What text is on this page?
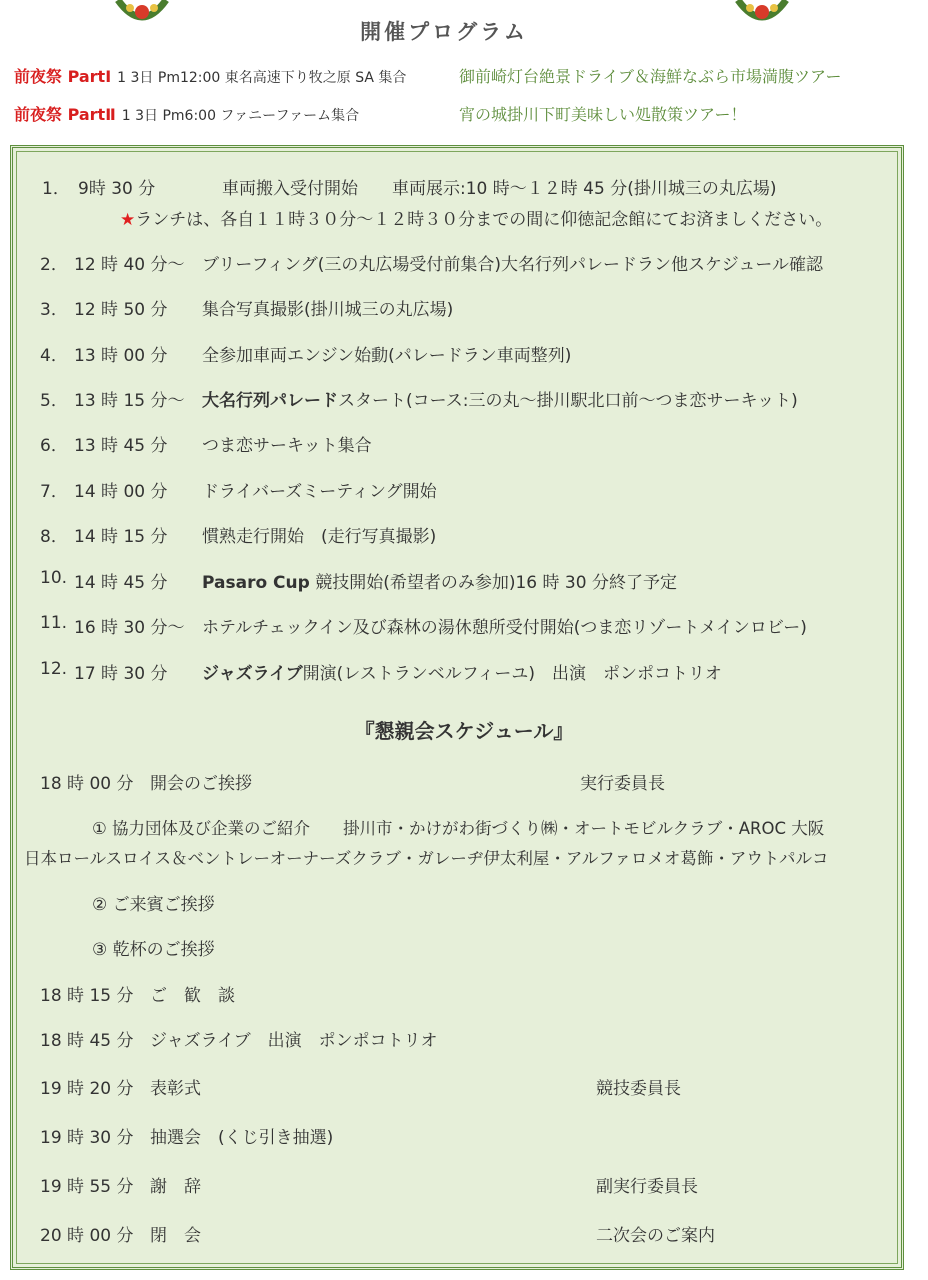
開催プログラム
前夜祭 PartⅠ 1 3日 Pm12:00 東名高速下り牧之原 SA 集合	御前崎灯台絶景ドライブ＆海鮮なぶら市場満腹ツアー
前夜祭 PartⅡ 1 3日 Pm6:00 ファニーファーム集合	宵の城掛川下町美味しい処散策ツアー！
1． 9時 30 分	車両搬入受付開始　　車両展示:10 時～１２時 45 分(掛川城三の丸広場)
★ランチは、各自１１時３０分～１２時３０分までの間に仰徳記念館にてお済ましください。
2． 12 時 40 分～ ブリーフィング(三の丸広場受付前集合)大名行列パレードラン他スケジュール確認
3． 12 時 50 分 集合写真撮影(掛川城三の丸広場)
4． 13 時 00 分 全参加車両エンジン始動(パレードラン車両整列)
5． 13 時 15 分～ 大名行列パレードスタート(コース:三の丸～掛川駅北口前～つま恋サーキット)
6． 13 時 45 分 つま恋サーキット集合
7． 14 時 00 分 ドライバーズミーティング開始
8． 14 時 15 分 慣熟走行開始　(走行写真撮影)
10. 14 時 45 分 Pasaro Cup 競技開始(希望者のみ参加)16 時 30 分終了予定
11. 16 時 30 分～ ホテルチェックイン及び森林の湯休憩所受付開始(つま恋リゾートメインロビー)
12. 17 時 30 分 ジャズライブ開演(レストランベルフィーユ)　出演　ポンポコトリオ
『懇親会スケジュール』
18 時 00 分 開会のご挨拶	実行委員長
① 協力団体及び企業のご紹介　　掛川市・かけがわ街づくり㈱・オートモビルクラブ・AROC 大阪
日本ロールスロイス＆ベントレーオーナーズクラブ・ガレーヂ伊太利屋・アルファロメオ葛飾・アウトパルコ
② ご来賓ご挨拶
③ 乾杯のご挨拶
18 時 15 分 ご　歓　談
18 時 45 分 ジャズライブ　出演　ポンポコトリオ
19 時 20 分 表彰式	競技委員長
19 時 30 分 抽選会　(くじ引き抽選)
19 時 55 分 謝　辞	副実行委員長
20 時 00 分 閉　会	二次会のご案内
